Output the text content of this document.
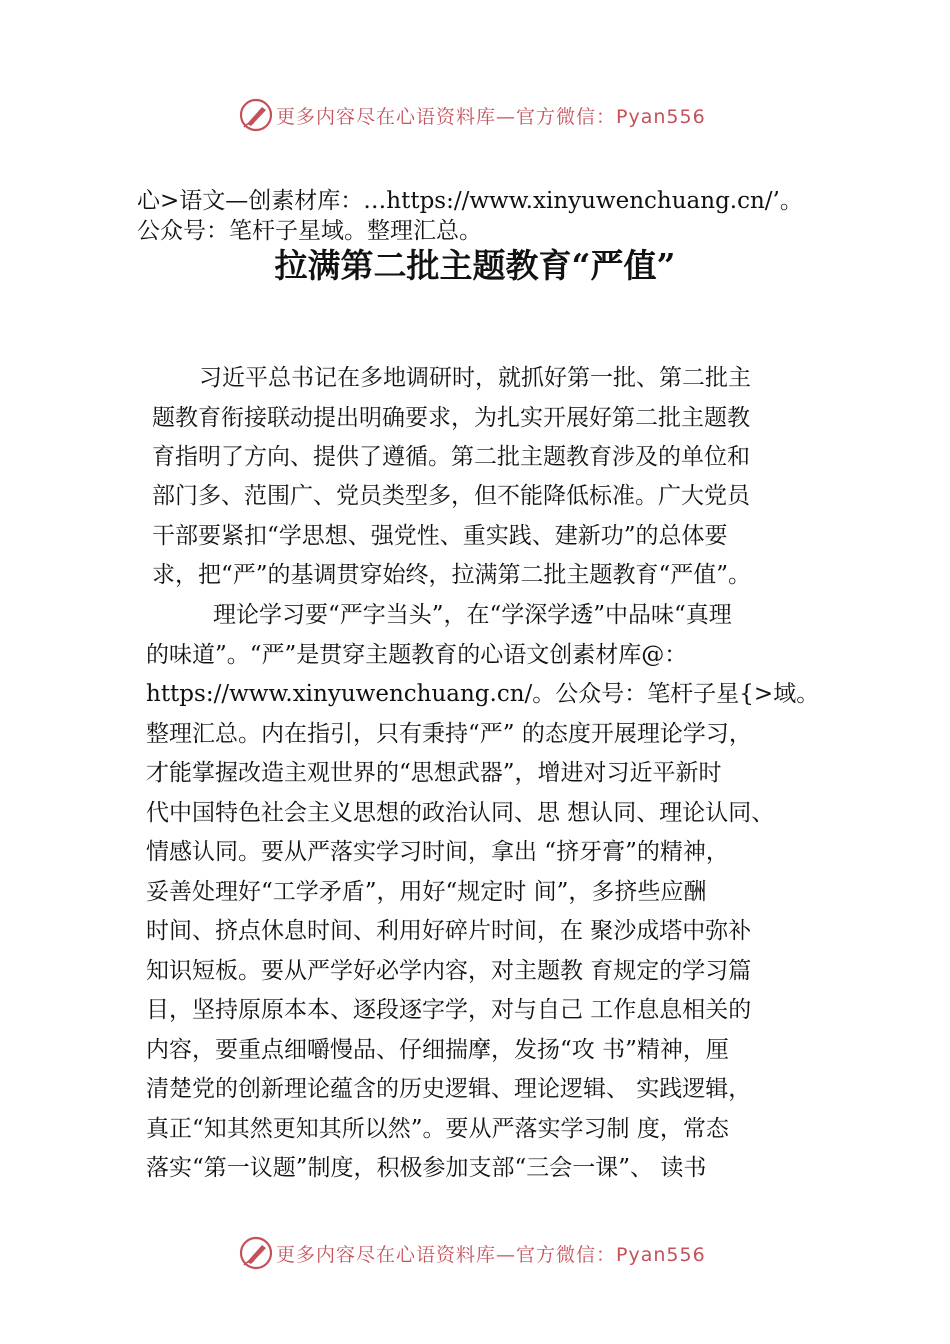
更多内容尽在心语资料库—官方微信：Pyan556
心>语文—创素材库：…https://www.xinyuwenchuang.cn/’。
公众号：笔杆子星域。整理汇总。
拉满第二批主题教育“严值”
习近平总书记在多地调研时，就抓好第一批、第二批主
题教育衔接联动提出明确要求，为扎实开展好第二批主题教
育指明了方向、提供了遵循。第二批主题教育涉及的单位和
部门多、范围广、党员类型多，但不能降低标准。广大党员
干部要紧扣“学思想、强党性、重实践、建新功”的总体要
求，把“严”的基调贯穿始终，拉满第二批主题教育“严值”。
理论学习要“严字当头”，在“学深学透”中品味“真理
的味道”。“严”是贯穿主题教育的心语文创素材库@：
https://www.xinyuwenchuang.cn/。公众号：笔杆子星{>域。
整理汇总。内在指引，只有秉持“严” 的态度开展理论学习，
才能掌握改造主观世界的“思想武器”，增进对习近平新时
代中国特色社会主义思想的政治认同、思 想认同、理论认同、
情感认同。要从严落实学习时间，拿出 “挤牙膏”的精神，
妥善处理好“工学矛盾”，用好“规定时 间”，多挤些应酬
时间、挤点休息时间、利用好碎片时间，在 聚沙成塔中弥补
知识短板。要从严学好必学内容，对主题教 育规定的学习篇
目，坚持原原本本、逐段逐字学，对与自己 工作息息相关的
内容，要重点细嚼慢品、仔细揣摩，发扬“攻 书”精神，厘
清楚党的创新理论蕴含的历史逻辑、理论逻辑、 实践逻辑，
真正“知其然更知其所以然”。要从严落实学习制 度，常态
落实“第一议题”制度，积极参加支部“三会一课”、 读书
更多内容尽在心语资料库—官方微信：Pyan556
